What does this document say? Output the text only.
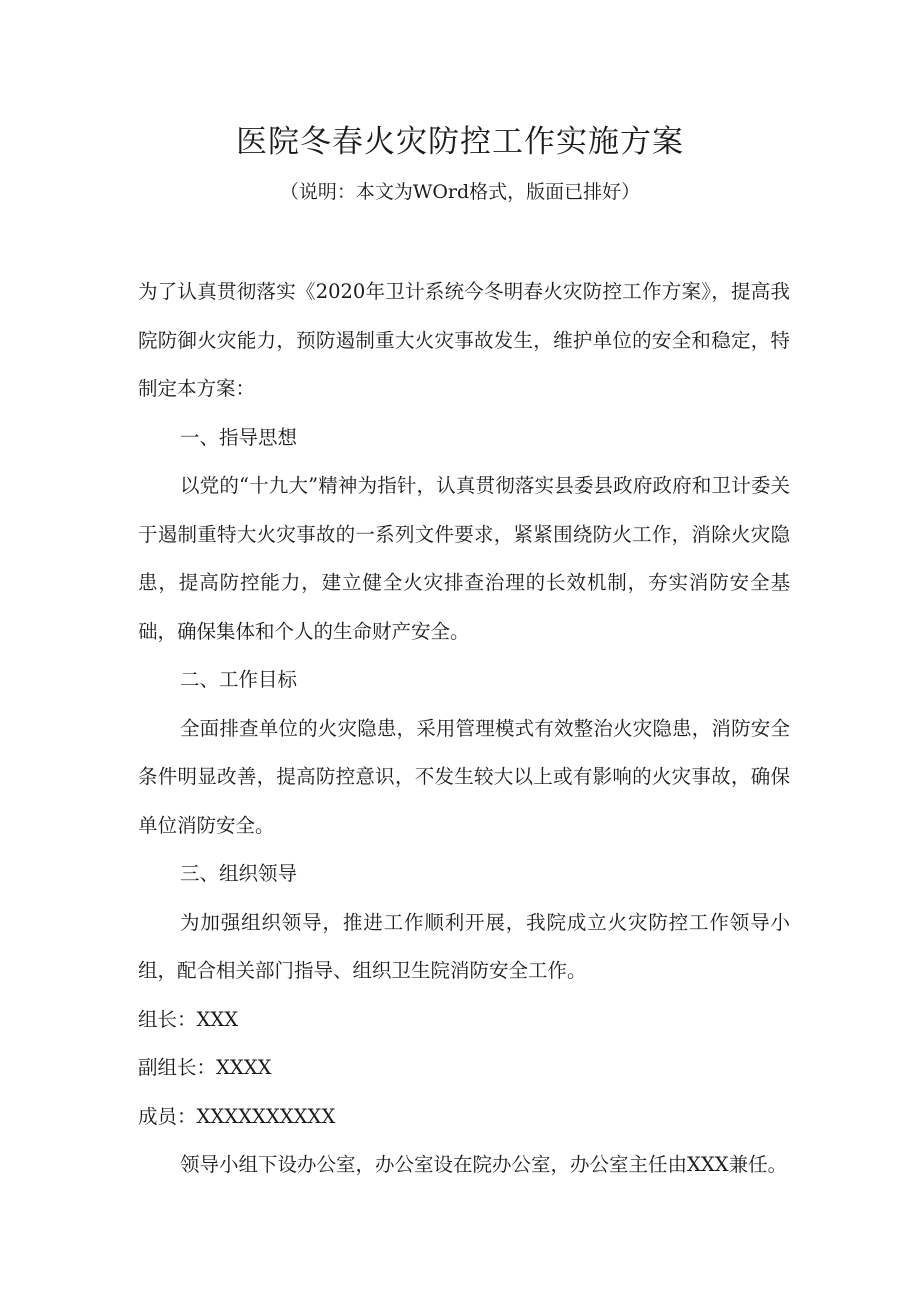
医院冬春火灾防控工作实施方案
（说明：本文为WOrd格式，版面已排好）

为了认真贯彻落实《2020年卫计系统今冬明春火灾防控工作方案》，提高我院防御火灾能力，预防遏制重大火灾事故发生，维护单位的安全和稳定，特制定本方案：

一、指导思想

以党的“十九大”精神为指针，认真贯彻落实县委县政府政府和卫计委关于遏制重特大火灾事故的一系列文件要求，紧紧围绕防火工作，消除火灾隐患，提高防控能力，建立健全火灾排查治理的长效机制，夯实消防安全基础，确保集体和个人的生命财产安全。

二、工作目标

全面排查单位的火灾隐患，采用管理模式有效整治火灾隐患，消防安全条件明显改善，提高防控意识，不发生较大以上或有影响的火灾事故，确保单位消防安全。

三、组织领导

为加强组织领导，推进工作顺利开展，我院成立火灾防控工作领导小组，配合相关部门指导、组织卫生院消防安全工作。

组长：XXX

副组长：XXXX

成员：XXXXXXXXXX

领导小组下设办公室，办公室设在院办公室，办公室主任由XXX兼任。
